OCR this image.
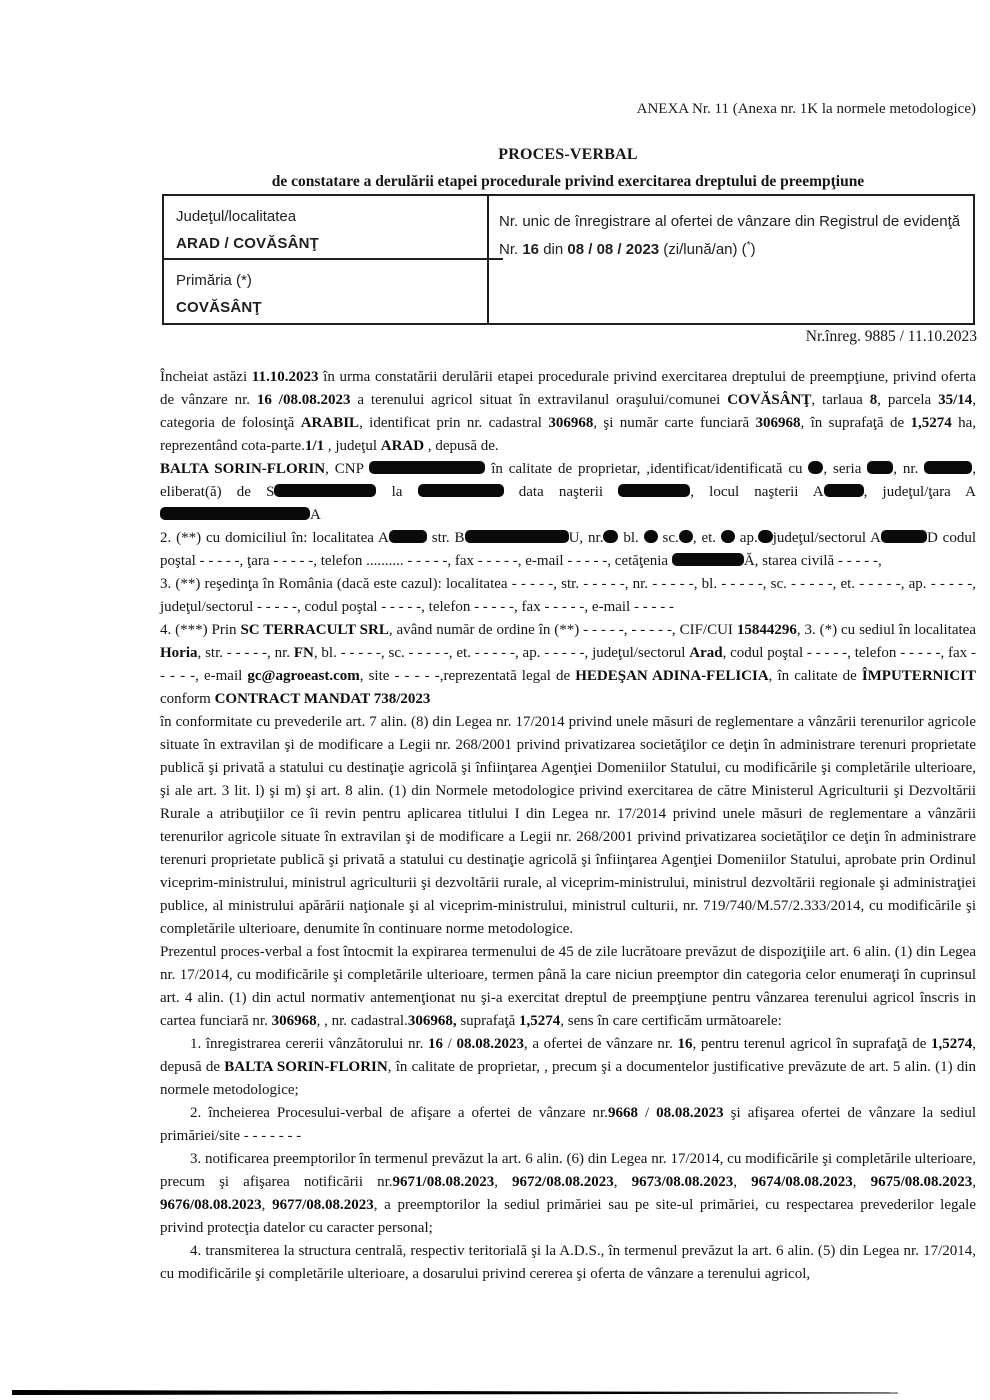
ANEXA Nr. 11 (Anexa nr. 1K la normele metodologice)
PROCES-VERBAL
de constatare a derulării etapei procedurale privind exercitarea dreptului de preempţiune
Judeţul/localitatea
ARAD / COVĂSÂNŢ
Primăria (*)
COVĂSÂNŢ
Nr. unic de înregistrare al ofertei de vânzare din Registrul de evidenţă
Nr. 16 din 08 / 08 / 2023 (zi/lună/an) (*)
Nr.înreg. 9885 / 11.10.2023

Încheiat astăzi 11.10.2023 în urma constatării derulării etapei procedurale privind exercitarea dreptului de preempţiune, privind oferta de vânzare nr. 16 /08.08.2023 a terenului agricol situat în extravilanul oraşului/comunei COVĂSÂNŢ, tarlaua 8, parcela 35/14, categoria de folosinţă ARABIL, identificat prin nr. cadastral 306968, şi număr carte funciară 306968, în suprafaţă de 1,5274 ha, reprezentând cota-parte.1/1 , judeţul ARAD , depusă de.

BALTA SORIN-FLORIN, CNP	în calitate de proprietar, ,identificat/identificată cu , seria , nr.	, eliberat(ă) de S	la	data naşterii	, locul naşterii A	, judeţul/ţara AA

2. (**) cu domiciliul în: localitatea A	str. B	U, nr. bl.  sc. , et.  ap. judeţul/sectorul A	D codul poştal - - - - -, ţara - - - - -, telefon .......... - - - - -, fax - - - - -, e-mail - - - - -, cetăţenia	Ă, starea civilă - - - - -,

3. (**) reşedinţa în România (dacă este cazul): localitatea - - - - -, str. - - - - -, nr. - - - - -, bl. - - - - -, sc. - - - - -, et. - - - - -, ap. - - - - -, judeţul/sectorul - - - - -, codul poştal - - - - -, telefon - - - - -, fax - - - - -, e-mail - - - - -

4. (***) Prin SC TERRACULT SRL, având număr de ordine în (**) - - - - -, - - - - -, CIF/CUI 15844296, 3. (*) cu sediul în localitatea Horia, str. - - - - -, nr. FN, bl. - - - - -, sc. - - - - -, et. - - - - -, ap. - - - - -, judeţul/sectorul Arad, codul poştal - - - - -, telefon - - - - -, fax - - - - -, e-mail gc@agroeast.com, site - - - - -,reprezentată legal de HEDEŞAN ADINA-FELICIA, în calitate de ÎMPUTERNICIT conform CONTRACT MANDAT 738/2023

în conformitate cu prevederile art. 7 alin. (8) din Legea nr. 17/2014 privind unele măsuri de reglementare a vânzării terenurilor agricole situate în extravilan şi de modificare a Legii nr. 268/2001 privind privatizarea societăţilor ce deţin în administrare terenuri proprietate publică şi privată a statului cu destinaţie agricolă şi înfiinţarea Agenţiei Domeniilor Statului, cu modificările şi completările ulterioare, şi ale art. 3 lit. l) şi m) şi art. 8 alin. (1) din Normele metodologice privind exercitarea de către Ministerul Agriculturii şi Dezvoltării Rurale a atribuţiilor ce îi revin pentru aplicarea titlului I din Legea nr. 17/2014 privind unele măsuri de reglementare a vânzării terenurilor agricole situate în extravilan şi de modificare a Legii nr. 268/2001 privind privatizarea societăţilor ce deţin în administrare terenuri proprietate publică şi privată a statului cu destinaţie agricolă şi înfiinţarea Agenţiei Domeniilor Statului, aprobate prin Ordinul viceprim-ministrului, ministrul agriculturii şi dezvoltării rurale, al viceprim-ministrului, ministrul dezvoltării regionale şi administraţiei publice, al ministrului apărării naţionale şi al viceprim-ministrului, ministrul culturii, nr. 719/740/M.57/2.333/2014, cu modificările şi completările ulterioare, denumite în continuare norme metodologice.

Prezentul proces-verbal a fost întocmit la expirarea termenului de 45 de zile lucrătoare prevăzut de dispoziţiile art. 6 alin. (1) din Legea nr. 17/2014, cu modificările şi completările ulterioare, termen până la care niciun preemptor din categoria celor enumeraţi în cuprinsul art. 4 alin. (1) din actul normativ antemenţionat nu şi-a exercitat dreptul de preempţiune pentru vânzarea terenului agricol înscris in cartea funciară nr. 306968, , nr. cadastral.306968, suprafaţă 1,5274, sens în care certificăm următoarele:

1. înregistrarea cererii vânzătorului nr. 16 / 08.08.2023, a ofertei de vânzare nr. 16, pentru terenul agricol în suprafaţă de 1,5274, depusă de BALTA SORIN-FLORIN, în calitate de proprietar, , precum şi a documentelor justificative prevăzute de art. 5 alin. (1) din normele metodologice;

2. încheierea Procesului-verbal de afişare a ofertei de vânzare nr.9668 / 08.08.2023 şi afişarea ofertei de vânzare la sediul primăriei/site - - - - - - -

3. notificarea preemptorilor în termenul prevăzut la art. 6 alin. (6) din Legea nr. 17/2014, cu modificările şi completările ulterioare, precum şi afişarea notificării nr.9671/08.08.2023, 9672/08.08.2023, 9673/08.08.2023, 9674/08.08.2023, 9675/08.08.2023, 9676/08.08.2023, 9677/08.08.2023, a preemptorilor la sediul primăriei sau pe site-ul primăriei, cu respectarea prevederilor legale privind protecţia datelor cu caracter personal;

4. transmiterea la structura centrală, respectiv teritorială şi la A.D.S., în termenul prevăzut la art. 6 alin. (5) din Legea nr. 17/2014, cu modificările şi completările ulterioare, a dosarului privind cererea şi oferta de vânzare a terenului agricol,
